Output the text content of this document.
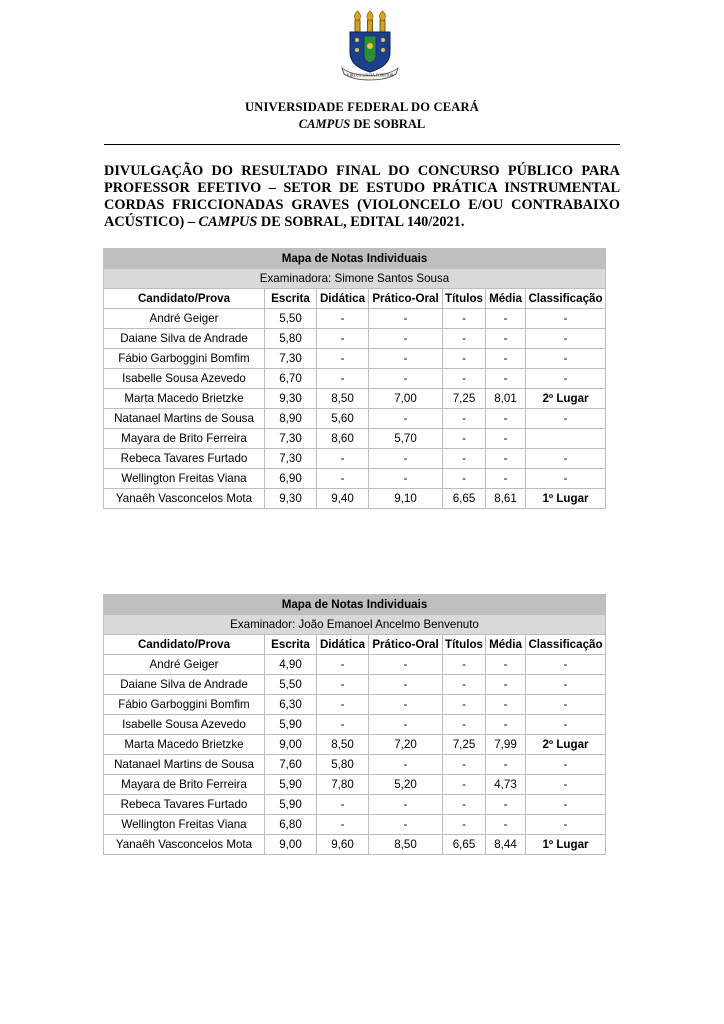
VIRTUS UNITA FORTIOR
UNIVERSIDADE FEDERAL DO CEARÁ
CAMPUS DE SOBRAL
DIVULGAÇÃO DO RESULTADO FINAL DO CONCURSO PÚBLICO PARA
PROFESSOR EFETIVO – SETOR DE ESTUDO PRÁTICA INSTRUMENTAL
CORDAS FRICCIONADAS GRAVES (VIOLONCELO E/OU CONTRABAIXO
ACÚSTICO) – CAMPUS DE SOBRAL, EDITAL 140/2021.
Mapa de Notas Individuais						
Examinadora: Simone Santos Sousa						
Candidato/Prova	Escrita	Didática	Prático-Oral	Títulos	Média	Classificação
André Geiger	5,50	-	-	-	-	-
Daiane Silva de Andrade	5,80	-	-	-	-	-
Fábio Garboggini Bomfim	7,30	-	-	-	-	-
Isabelle Sousa Azevedo	6,70	-	-	-	-	-
Marta Macedo Brietzke	9,30	8,50	7,00	7,25	8,01	2º Lugar
Natanael Martins de Sousa	8,90	5,60	-	-	-	-
Mayara de Brito Ferreira	7,30	8,60	5,70	-	-	
Rebeca Tavares Furtado	7,30	-	-	-	-	-
Wellington Freitas Viana	6,90	-	-	-	-	-
Yanaêh Vasconcelos Mota	9,30	9,40	9,10	6,65	8,61	1º Lugar
Mapa de Notas Individuais						
Examinador: João Emanoel Ancelmo Benvenuto						
Candidato/Prova	Escrita	Didática	Prático-Oral	Títulos	Média	Classificação
André Geiger	4,90	-	-	-	-	-
Daiane Silva de Andrade	5,50	-	-	-	-	-
Fábio Garboggini Bomfim	6,30	-	-	-	-	-
Isabelle Sousa Azevedo	5,90	-	-	-	-	-
Marta Macedo Brietzke	9,00	8,50	7,20	7,25	7,99	2º Lugar
Natanael Martins de Sousa	7,60	5,80	-	-	-	-
Mayara de Brito Ferreira	5,90	7,80	5,20	-	4,73	-
Rebeca Tavares Furtado	5,90	-	-	-	-	-
Wellington Freitas Viana	6,80	-	-	-	-	-
Yanaêh Vasconcelos Mota	9,00	9,60	8,50	6,65	8,44	1º Lugar
